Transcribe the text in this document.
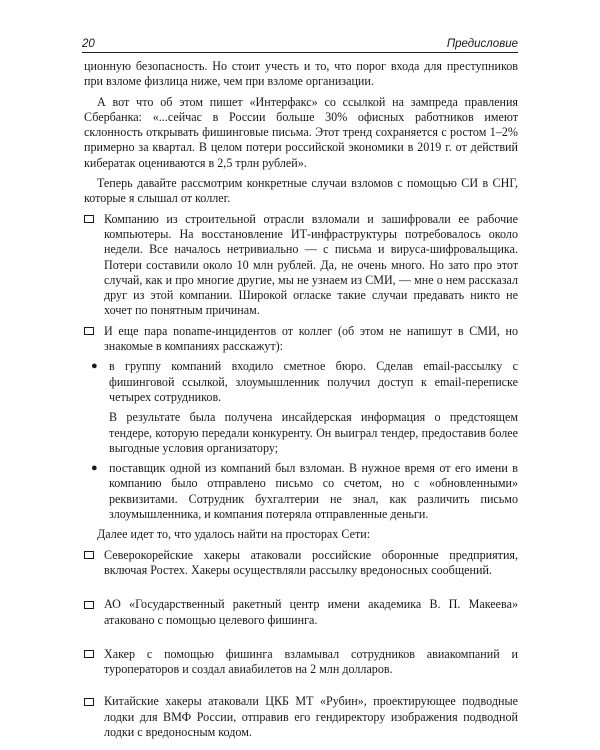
20	Предисловие

ционную безопасность. Но стоит учесть и то, что порог входа для преступников при взломе физлица ниже, чем при взломе организации.

А вот что об этом пишет «Интерфакс» со ссылкой на зампреда правления Сбербанка: «...сейчас в России больше 30% офисных работников имеют склонность открывать фишинговые письма. Этот тренд сохраняется с ростом 1–2% примерно за квартал. В целом потери российской экономики в 2019 г. от действий кибератак оцениваются в 2,5 трлн рублей».

Теперь давайте рассмотрим конкретные случаи взломов с помощью СИ в СНГ, которые я слышал от коллег.

Компанию из строительной отрасли взломали и зашифровали ее рабочие компьютеры. На восстановление ИТ-инфраструктуры потребовалось около недели. Все началось нетривиально — с письма и вируса-шифровальщика. Потери составили около 10 млн рублей. Да, не очень много. Но зато про этот случай, как и про многие другие, мы не узнаем из СМИ, — мне о нем рассказал друг из этой компании. Широкой огласке такие случаи предавать никто не хочет по понятным причинам.
И еще пара noname-инцидентов от коллег (об этом не напишут в СМИ, но знакомые в компаниях расскажут):
● в группу компаний входило сметное бюро. Сделав email-рассылку с фишинговой ссылкой, злоумышленник получил доступ к email-переписке четырех сотрудников.

В результате была получена инсайдерская информация о предстоящем тендере, которую передали конкуренту. Он выиграл тендер, предоставив более выгодные условия организатору;

● поставщик одной из компаний был взломан. В нужное время от его имени в компанию было отправлено письмо со счетом, но с «обновленными» реквизитами. Сотрудник бухгалтерии не знал, как различить письмо злоумышленника, и компания потеряла отправленные деньги.

Далее идет то, что удалось найти на просторах Сети:

Северокорейские хакеры атаковали российские оборонные предприятия, включая Ростех. Хакеры осуществляли рассылку вредоносных сообщений.
АО «Государственный ракетный центр имени академика В. П. Макеева» атаковано с помощью целевого фишинга.
Хакер с помощью фишинга взламывал сотрудников авиакомпаний и туроператоров и создал авиабилетов на 2 млн долларов.
Китайские хакеры атаковали ЦКБ МТ «Рубин», проектирующее подводные лодки для ВМФ России, отправив его гендиректору изображения подводной лодки с вредоносным кодом.
